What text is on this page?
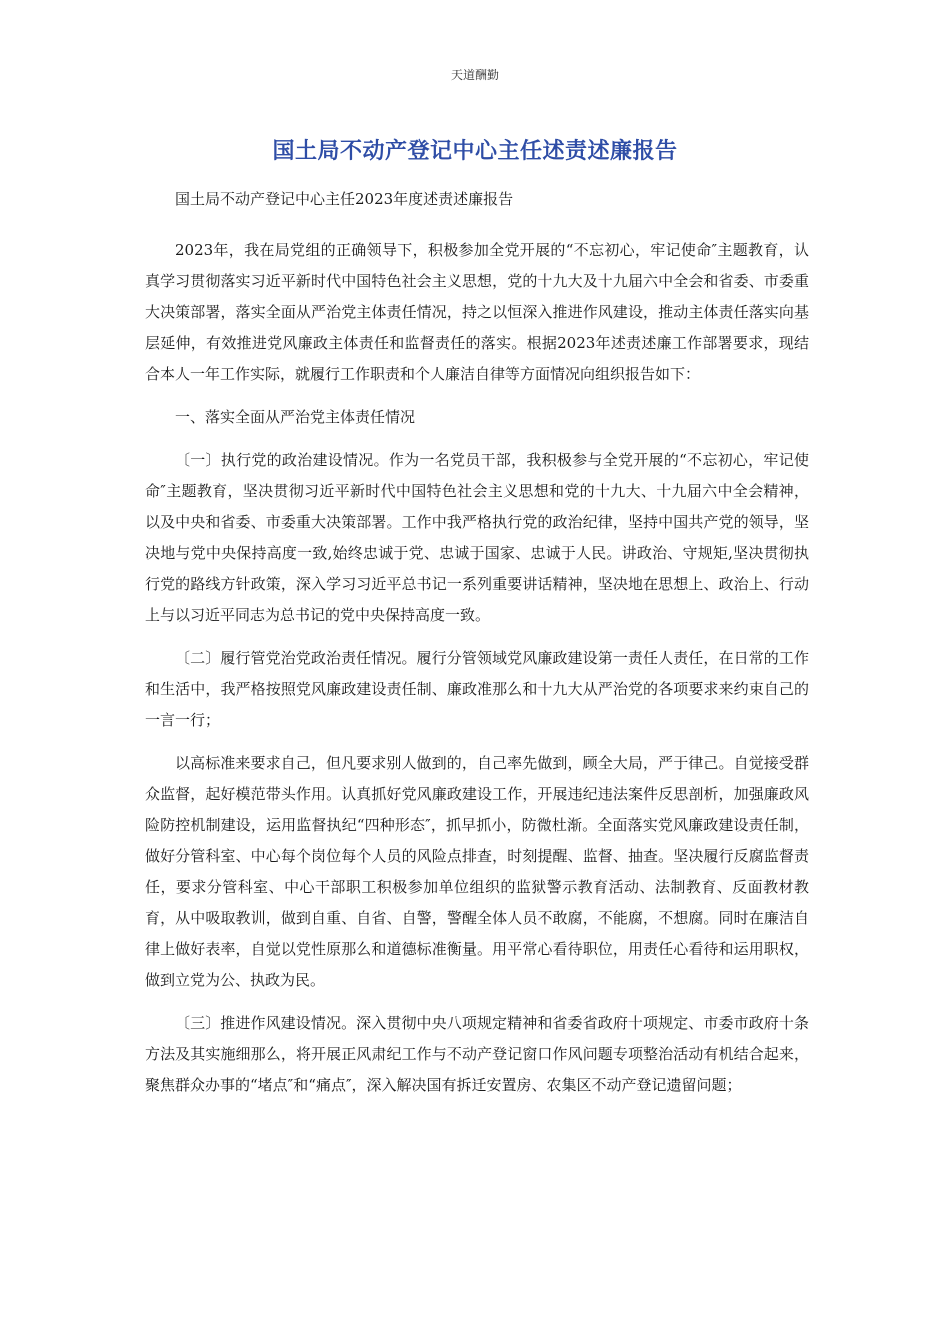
天道酬勤
国土局不动产登记中心主任述责述廉报告

国土局不动产登记中心主任2023年度述责述廉报告

2023年，我在局党组的正确领导下，积极参加全党开展的“不忘初心，牢记使命″主题教育，认真学习贯彻落实习近平新时代中国特色社会主义思想，党的十九大及十九届六中全会和省委、市委重大决策部署，落实全面从严治党主体责任情况，持之以恒深入推进作风建设，推动主体责任落实向基层延伸，有效推进党风廉政主体责任和监督责任的落实。根据2023年述责述廉工作部署要求，现结合本人一年工作实际，就履行工作职责和个人廉洁自律等方面情况向组织报告如下：

一、落实全面从严治党主体责任情况

〔一〕执行党的政治建设情况。作为一名党员干部，我积极参与全党开展的“不忘初心，牢记使命″主题教育，坚决贯彻习近平新时代中国特色社会主义思想和党的十九大、十九届六中全会精神，以及中央和省委、市委重大决策部署。工作中我严格执行党的政治纪律，坚持中国共产党的领导，坚决地与党中央保持高度一致,始终忠诚于党、忠诚于国家、忠诚于人民。讲政治、守规矩,坚决贯彻执行党的路线方针政策，深入学习习近平总书记一系列重要讲话精神，坚决地在思想上、政治上、行动上与以习近平同志为总书记的党中央保持高度一致。

〔二〕履行管党治党政治责任情况。履行分管领域党风廉政建设第一责任人责任，在日常的工作和生活中，我严格按照党风廉政建设责任制、廉政准那么和十九大从严治党的各项要求来约束自己的一言一行；

以高标准来要求自己，但凡要求别人做到的，自己率先做到，顾全大局，严于律己。自觉接受群众监督，起好模范带头作用。认真抓好党风廉政建设工作，开展违纪违法案件反思剖析，加强廉政风险防控机制建设，运用监督执纪“四种形态″，抓早抓小，防微杜渐。全面落实党风廉政建设责任制，做好分管科室、中心每个岗位每个人员的风险点排查，时刻提醒、监督、抽查。坚决履行反腐监督责任，要求分管科室、中心干部职工积极参加单位组织的监狱警示教育活动、法制教育、反面教材教育，从中吸取教训，做到自重、自省、自警，警醒全体人员不敢腐，不能腐，不想腐。同时在廉洁自律上做好表率，自觉以党性原那么和道德标准衡量。用平常心看待职位，用责任心看待和运用职权，做到立党为公、执政为民。

〔三〕推进作风建设情况。深入贯彻中央八项规定精神和省委省政府十项规定、市委市政府十条方法及其实施细那么，将开展正风肃纪工作与不动产登记窗口作风问题专项整治活动有机结合起来，聚焦群众办事的“堵点″和“痛点″，深入解决国有拆迁安置房、农集区不动产登记遗留问题；
